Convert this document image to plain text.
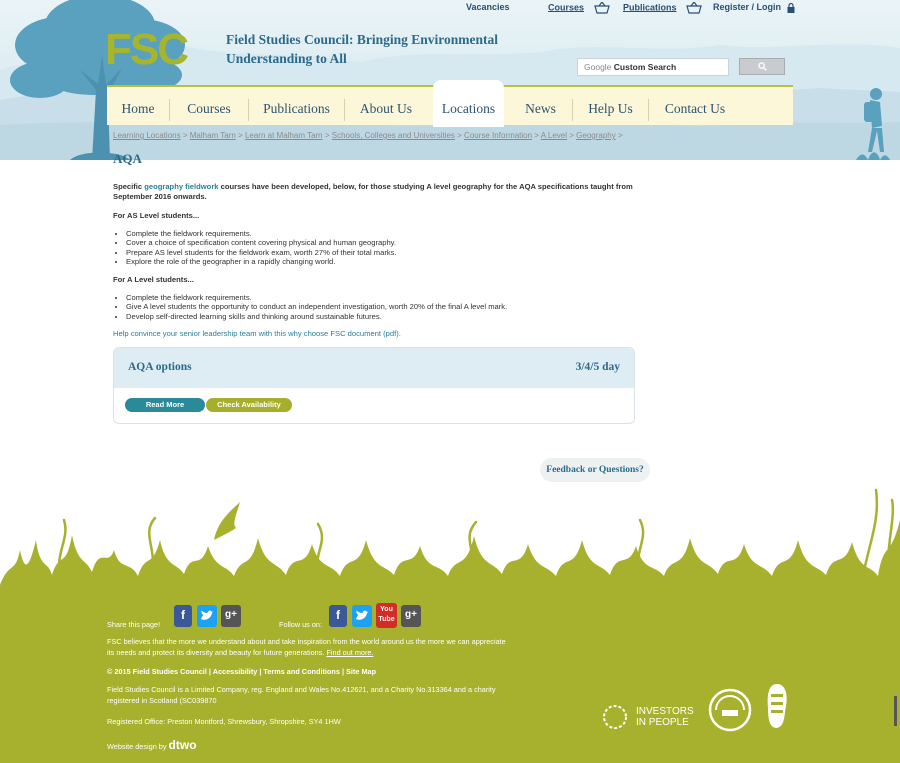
Vacancies	Courses	Publications	Register / Login
FSC	Field Studies Council: Bringing Environmental
Understanding to All
Google Custom Search
Home	Courses	Publications	About Us	Locations	News	Help Us	Contact Us
Learning Locations > Malham Tarn > Learn at Malham Tarn > Schools, Colleges and Universities > Course Information > A Level > Geography >
AQA
Specific geography fieldwork courses have been developed, below, for those studying A level geography for the AQA specifications taught from September 2016 onwards.
For AS Level students...
• Complete the fieldwork requirements.
• Cover a choice of specification content covering physical and human geography.
• Prepare AS level students for the fieldwork exam, worth 27% of their total marks.
• Explore the role of the geographer in a rapidly changing world.
For A Level students...
• Complete the fieldwork requirements.
• Give A level students the opportunity to conduct an independent investigation, worth 20% of the final A level mark.
• Develop self-directed learning skills and thinking around sustainable futures.
Help convince your senior leadership team with this why choose FSC document (pdf).
AQA options	3/4/5 day
Read More	Check Availability
Feedback or Questions?
Share this page!
f	g+
Follow us on:
f	You
Tube	g+
FSC believes that the more we understand about and take inspiration from the world around us the more we can appreciate
its needs and protect its diversity and beauty for future generations. Find out more.
© 2015 Field Studies Council | Accessibility | Terms and Conditions | Site Map
Field Studies Council is a Limited Company, reg. England and Wales No.412621, and a Charity No.313364 and a charity
registered in Scotland (SC039870
Registered Office: Preston Montford, Shrewsbury, Shropshire, SY4 1HW
Website design by dtwo
INVESTORS
IN PEOPLE
